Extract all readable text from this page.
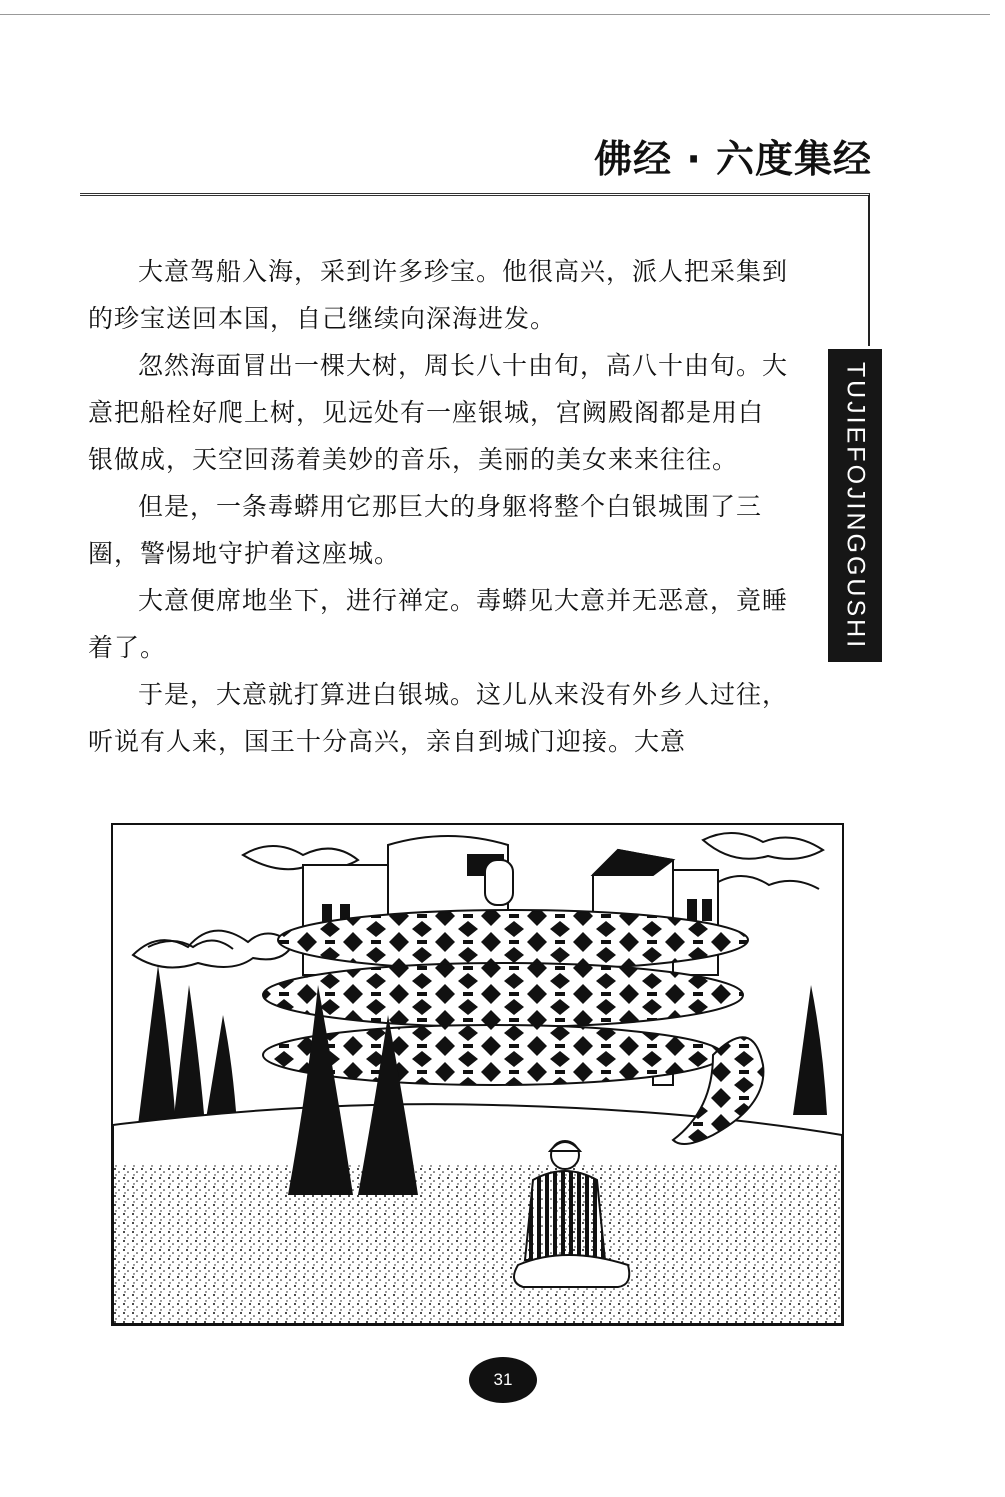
佛经 · 六度集经
TUJIEFOJINGGUSHI

大意驾船入海，采到许多珍宝。他很高兴，派人把采集到的珍宝送回本国，自己继续向深海进发。

忽然海面冒出一棵大树，周长八十由旬，高八十由旬。大意把船栓好爬上树，见远处有一座银城，宫阙殿阁都是用白银做成，天空回荡着美妙的音乐，美丽的美女来来往往。

但是，一条毒蟒用它那巨大的身躯将整个白银城围了三圈，警惕地守护着这座城。

大意便席地坐下，进行禅定。毒蟒见大意并无恶意，竟睡着了。

于是，大意就打算进白银城。这儿从来没有外乡人过往，听说有人来，国王十分高兴，亲自到城门迎接。大意

31
